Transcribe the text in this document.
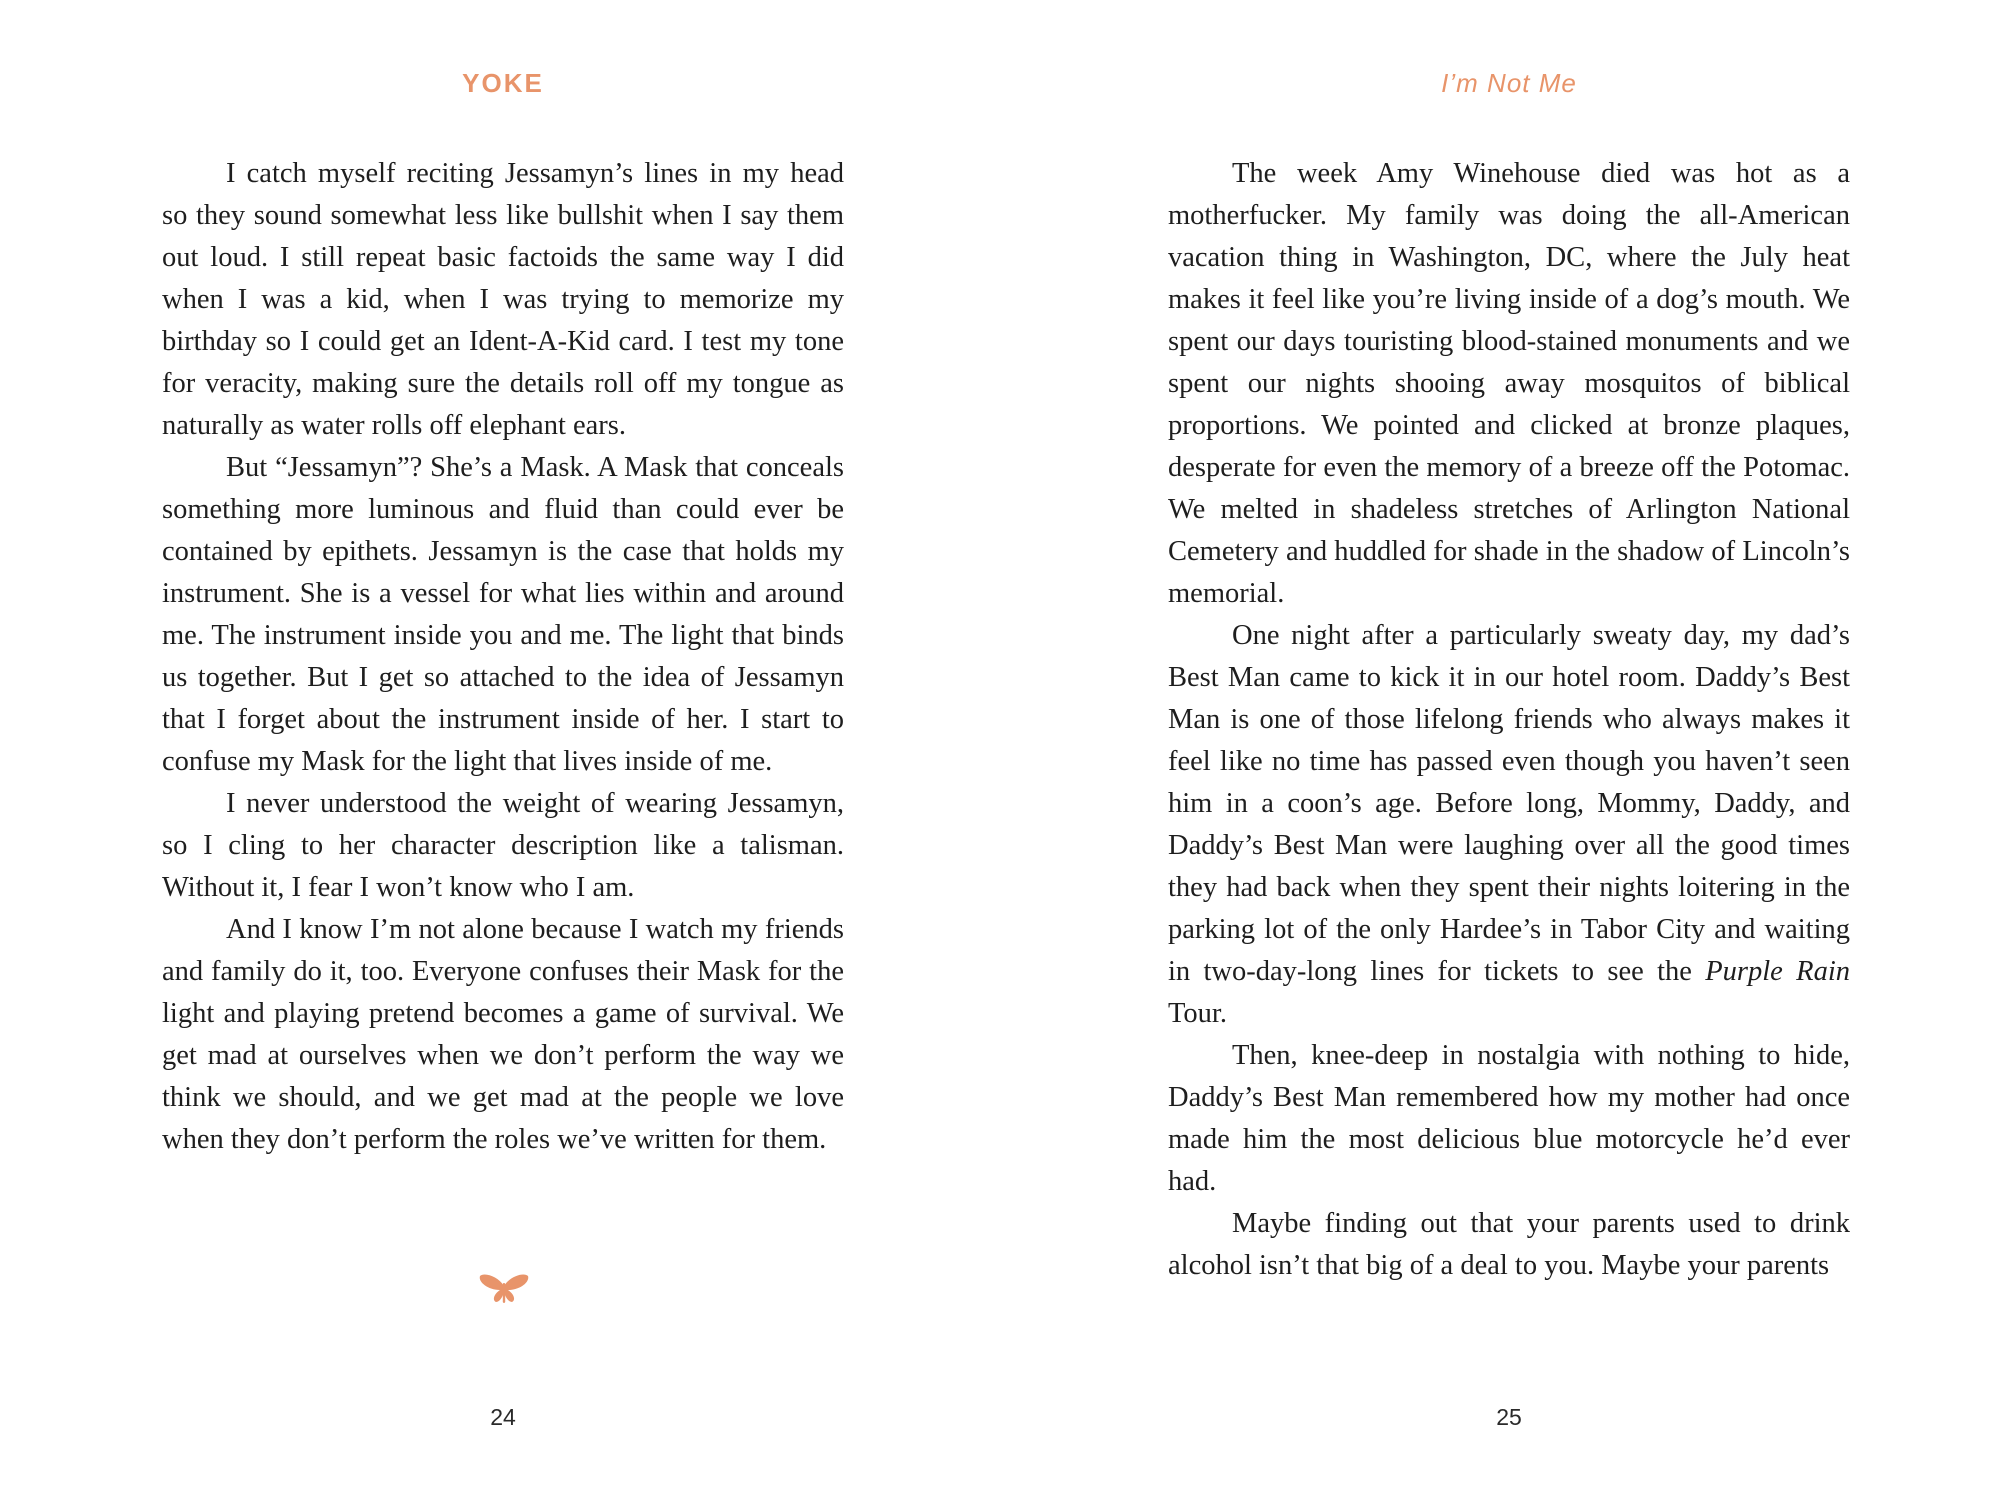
YOKE

I catch myself reciting Jessamyn’s lines in my head so they sound somewhat less like bullshit when I say them out loud. I still repeat basic factoids the same way I did when I was a kid, when I was trying to memorize my birthday so I could get an Ident-A-Kid card. I test my tone for veracity, making sure the details roll off my tongue as naturally as water rolls off elephant ears.

But “Jessamyn”? She’s a Mask. A Mask that conceals something more luminous and fluid than could ever be contained by epithets. Jessamyn is the case that holds my instrument. She is a vessel for what lies within and around me. The instrument inside you and me. The light that binds us together. But I get so attached to the idea of Jessamyn that I forget about the instrument inside of her. I start to confuse my Mask for the light that lives inside of me.

I never understood the weight of wearing Jessamyn, so I cling to her character description like a talisman. Without it, I fear I won’t know who I am.

And I know I’m not alone because I watch my friends and family do it, too. Everyone confuses their Mask for the light and playing pretend becomes a game of survival. We get mad at ourselves when we don’t perform the way we think we should, and we get mad at the people we love when they don’t perform the roles we’ve written for them.

24
I’m Not Me

The week Amy Winehouse died was hot as a motherfucker. My family was doing the all-American vacation thing in Washington, DC, where the July heat makes it feel like you’re living inside of a dog’s mouth. We spent our days touristing blood-stained monuments and we spent our nights shooing away mosquitos of biblical proportions. We pointed and clicked at bronze plaques, desperate for even the memory of a breeze off the Potomac. We melted in shadeless stretches of Arlington National Cemetery and huddled for shade in the shadow of Lincoln’s memorial.

One night after a particularly sweaty day, my dad’s Best Man came to kick it in our hotel room. Daddy’s Best Man is one of those lifelong friends who always makes it feel like no time has passed even though you haven’t seen him in a coon’s age. Before long, Mommy, Daddy, and Daddy’s Best Man were laughing over all the good times they had back when they spent their nights loitering in the parking lot of the only Hardee’s in Tabor City and waiting in two-day-long lines for tickets to see the Purple Rain Tour.

Then, knee-deep in nostalgia with nothing to hide, Daddy’s Best Man remembered how my mother had once made him the most delicious blue motorcycle he’d ever had.

Maybe finding out that your parents used to drink alcohol isn’t that big of a deal to you. Maybe your parents

25
